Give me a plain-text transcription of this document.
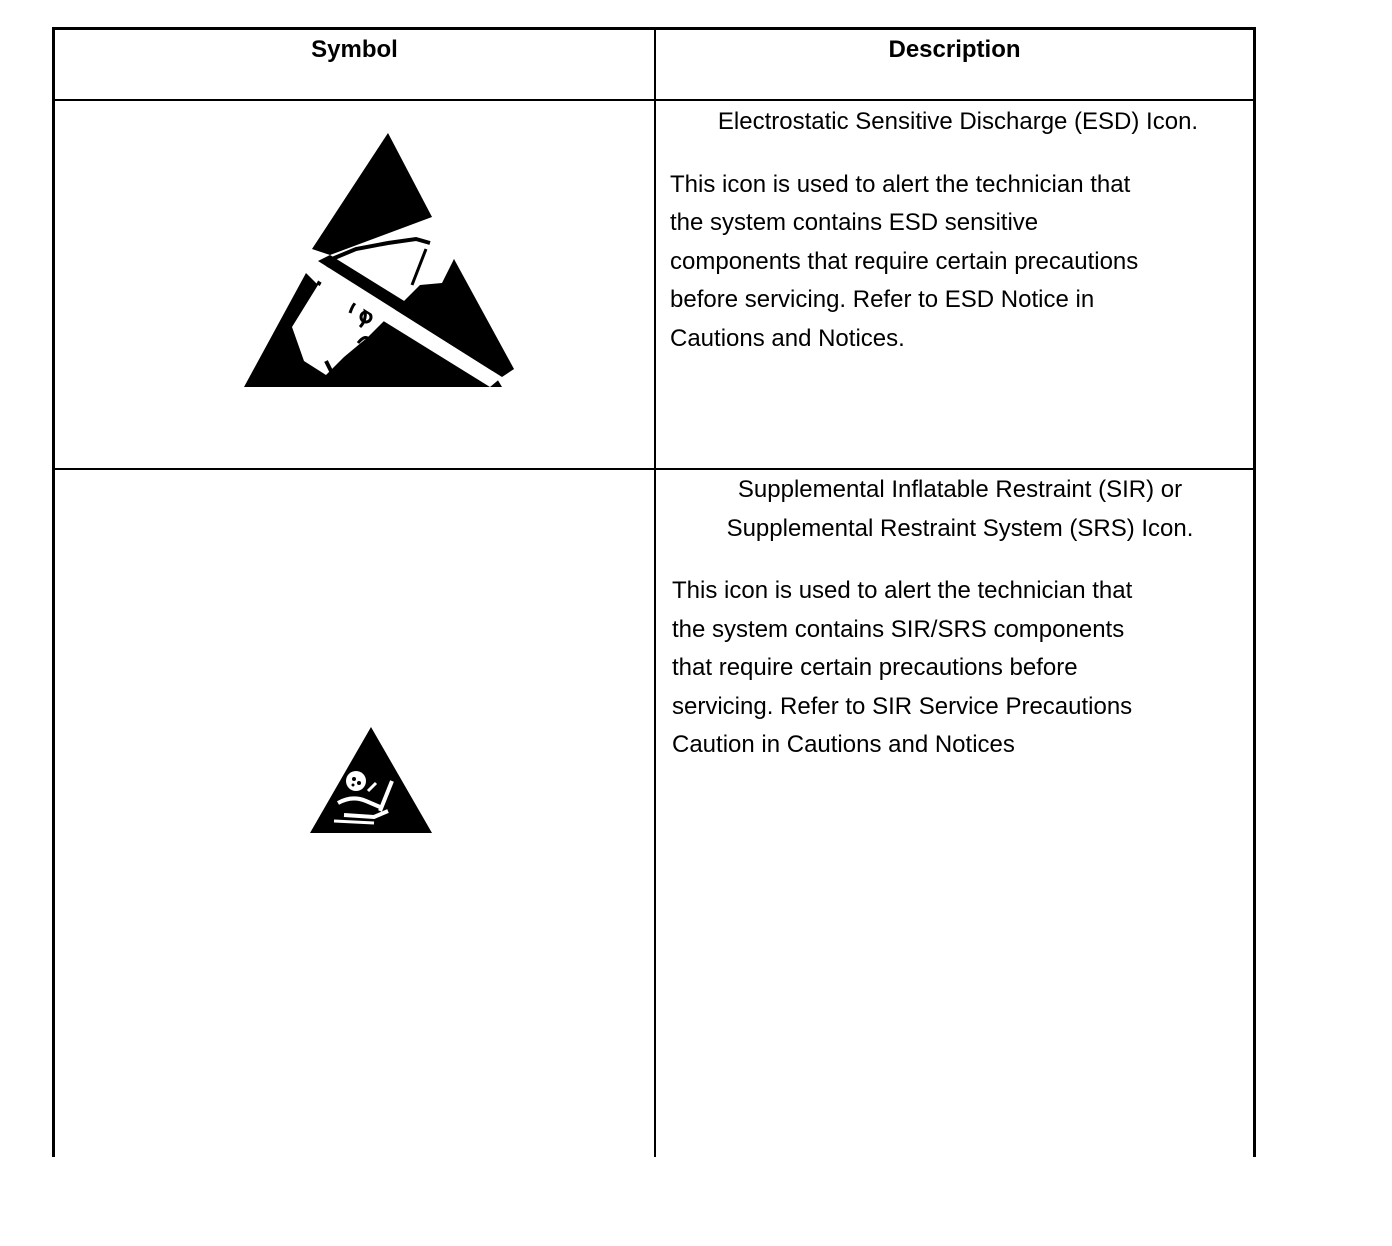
Symbol	Description
Electrostatic Sensitive Discharge (ESD) Icon.
This icon is used to alert the technician that
the system contains ESD sensitive
components that require certain precautions
before servicing. Refer to ESD Notice in
Cautions and Notices.
Supplemental Inflatable Restraint (SIR) or
Supplemental Restraint System (SRS) Icon.
This icon is used to alert the technician that
the system contains SIR/SRS components
that require certain precautions before
servicing. Refer to SIR Service Precautions
Caution in Cautions and Notices
